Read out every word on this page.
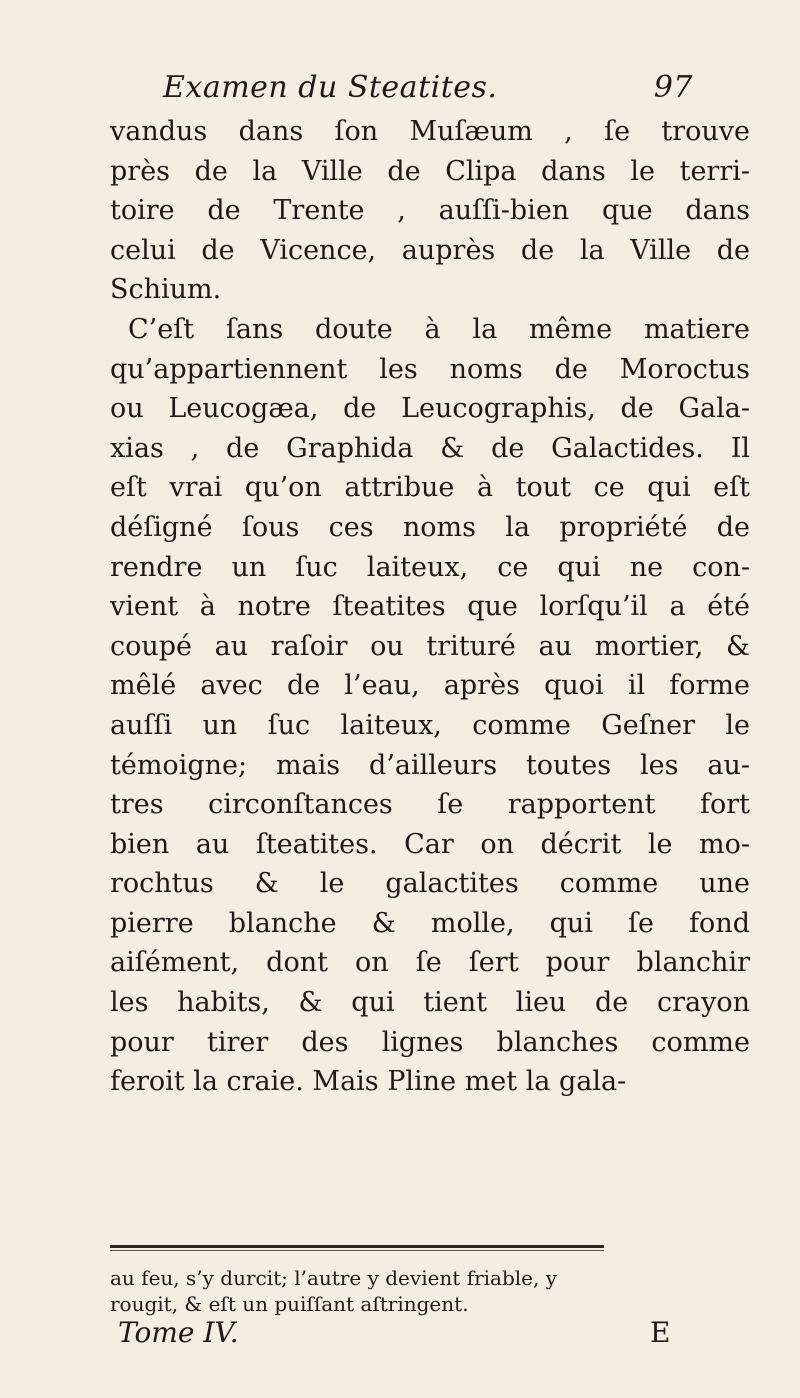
Examen du Steatites.	97
vandus dans ſon Muſæum , ſe trouve
près de la Ville de Clipa dans le terri-
toire de Trente , auſſi-bien que dans
celui de Vicence, auprès de la Ville de
Schium.
C’eſt ſans doute à la même matiere
qu’appartiennent les noms de Moroctus
ou Leucogæa, de Leucographis, de Gala-
xias , de Graphida & de Galactides. Il
eſt vrai qu’on attribue à tout ce qui eſt
déſigné ſous ces noms la propriété de
rendre un ſuc laiteux, ce qui ne con-
vient à notre ſteatites que lorſqu’il a été
coupé au raſoir ou trituré au mortier, &
mêlé avec de l’eau, après quoi il forme
auſſi un ſuc laiteux, comme Geſner le
témoigne; mais d’ailleurs toutes les au-
tres circonſtances ſe rapportent fort
bien au ſteatites. Car on décrit le mo-
rochtus & le galactites comme une
pierre blanche & molle, qui ſe fond
aiſément, dont on ſe ſert pour blanchir
les habits, & qui tient lieu de crayon
pour tirer des lignes blanches comme
feroit la craie. Mais Pline met la gala-
au feu, s’y durcit; l’autre y devient friable, y
rougit, & eſt un puiſſant aſtringent.
Tome IV.	E
